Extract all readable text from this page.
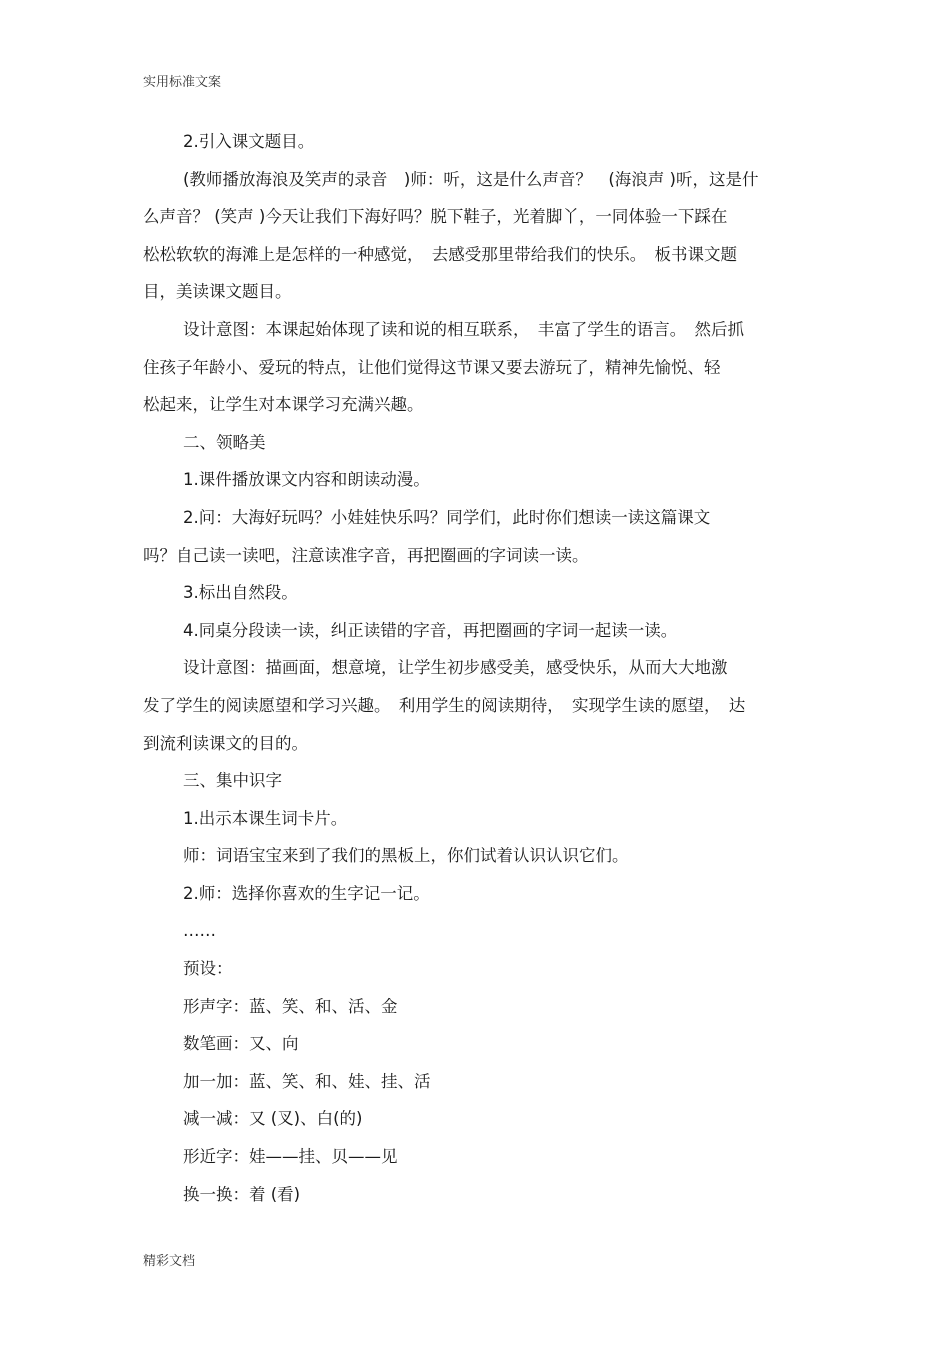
实用标准文案
2.引入课文题目。
(教师播放海浪及笑声的录音　)师：听，这是什么声音？　(海浪声 )听，这是什
么声音？ (笑声 )今天让我们下海好吗？脱下鞋子，光着脚丫，一同体验一下踩在
松松软软的海滩上是怎样的一种感觉，　去感受那里带给我们的快乐。　板书课文题
目，美读课文题目。
设计意图：本课起始体现了读和说的相互联系，　丰富了学生的语言。　然后抓
住孩子年龄小、爱玩的特点，让他们觉得这节课又要去游玩了，精神先愉悦、轻
松起来，让学生对本课学习充满兴趣。
二、领略美
1.课件播放课文内容和朗读动漫。
2.问：大海好玩吗？小娃娃快乐吗？同学们，此时你们想读一读这篇课文
吗？自己读一读吧，注意读准字音，再把圈画的字词读一读。
3.标出自然段。
4.同桌分段读一读，纠正读错的字音，再把圈画的字词一起读一读。
设计意图：描画面，想意境，让学生初步感受美，感受快乐，从而大大地激
发了学生的阅读愿望和学习兴趣。　利用学生的阅读期待，　实现学生读的愿望，　达
到流利读课文的目的。
三、集中识字
1.出示本课生词卡片。
师：词语宝宝来到了我们的黑板上，你们试着认识认识它们。
2.师：选择你喜欢的生字记一记。
……
预设：
形声字：蓝、笑、和、活、金
数笔画：又、向
加一加：蓝、笑、和、娃、挂、活
减一减：又 (叉)、白(的)
形近字：娃——挂、贝——见
换一换：着 (看)
精彩文档
